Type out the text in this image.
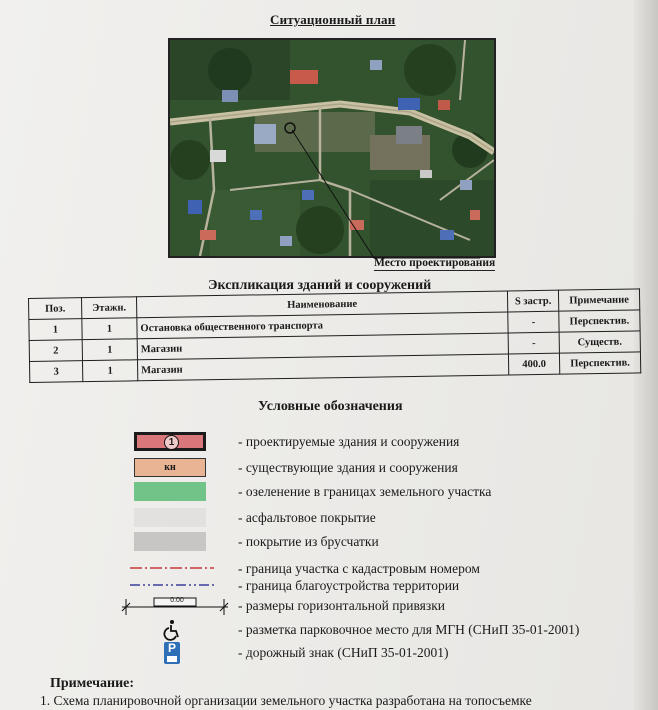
Ситуационный план
Место проектирования
Экспликация зданий и сооружений
Поз.	Этажн.	Наименование	S застр.	Примечание
1	1	Остановка общественного транспорта	-	Перспектив.
2	1	Магазин	-	Существ.
3	1	Магазин	400.0	Перспектив.
Условные обозначения
1	- проектируемые здания и сооружения
кн	- существующие здания и сооружения
- озеленение в границах земельного участка
- асфальтовое покрытие
- покрытие из брусчатки
- граница участка с кадастровым номером
- граница благоустройства территории
0.00	- размеры горизонтальной привязки
- разметка парковочное место для МГН (СНиП 35-01-2001)
P	- дорожный знак (СНиП 35-01-2001)
Примечание:
1. Схема планировочной организации земельного участка разработана на топосъемке
